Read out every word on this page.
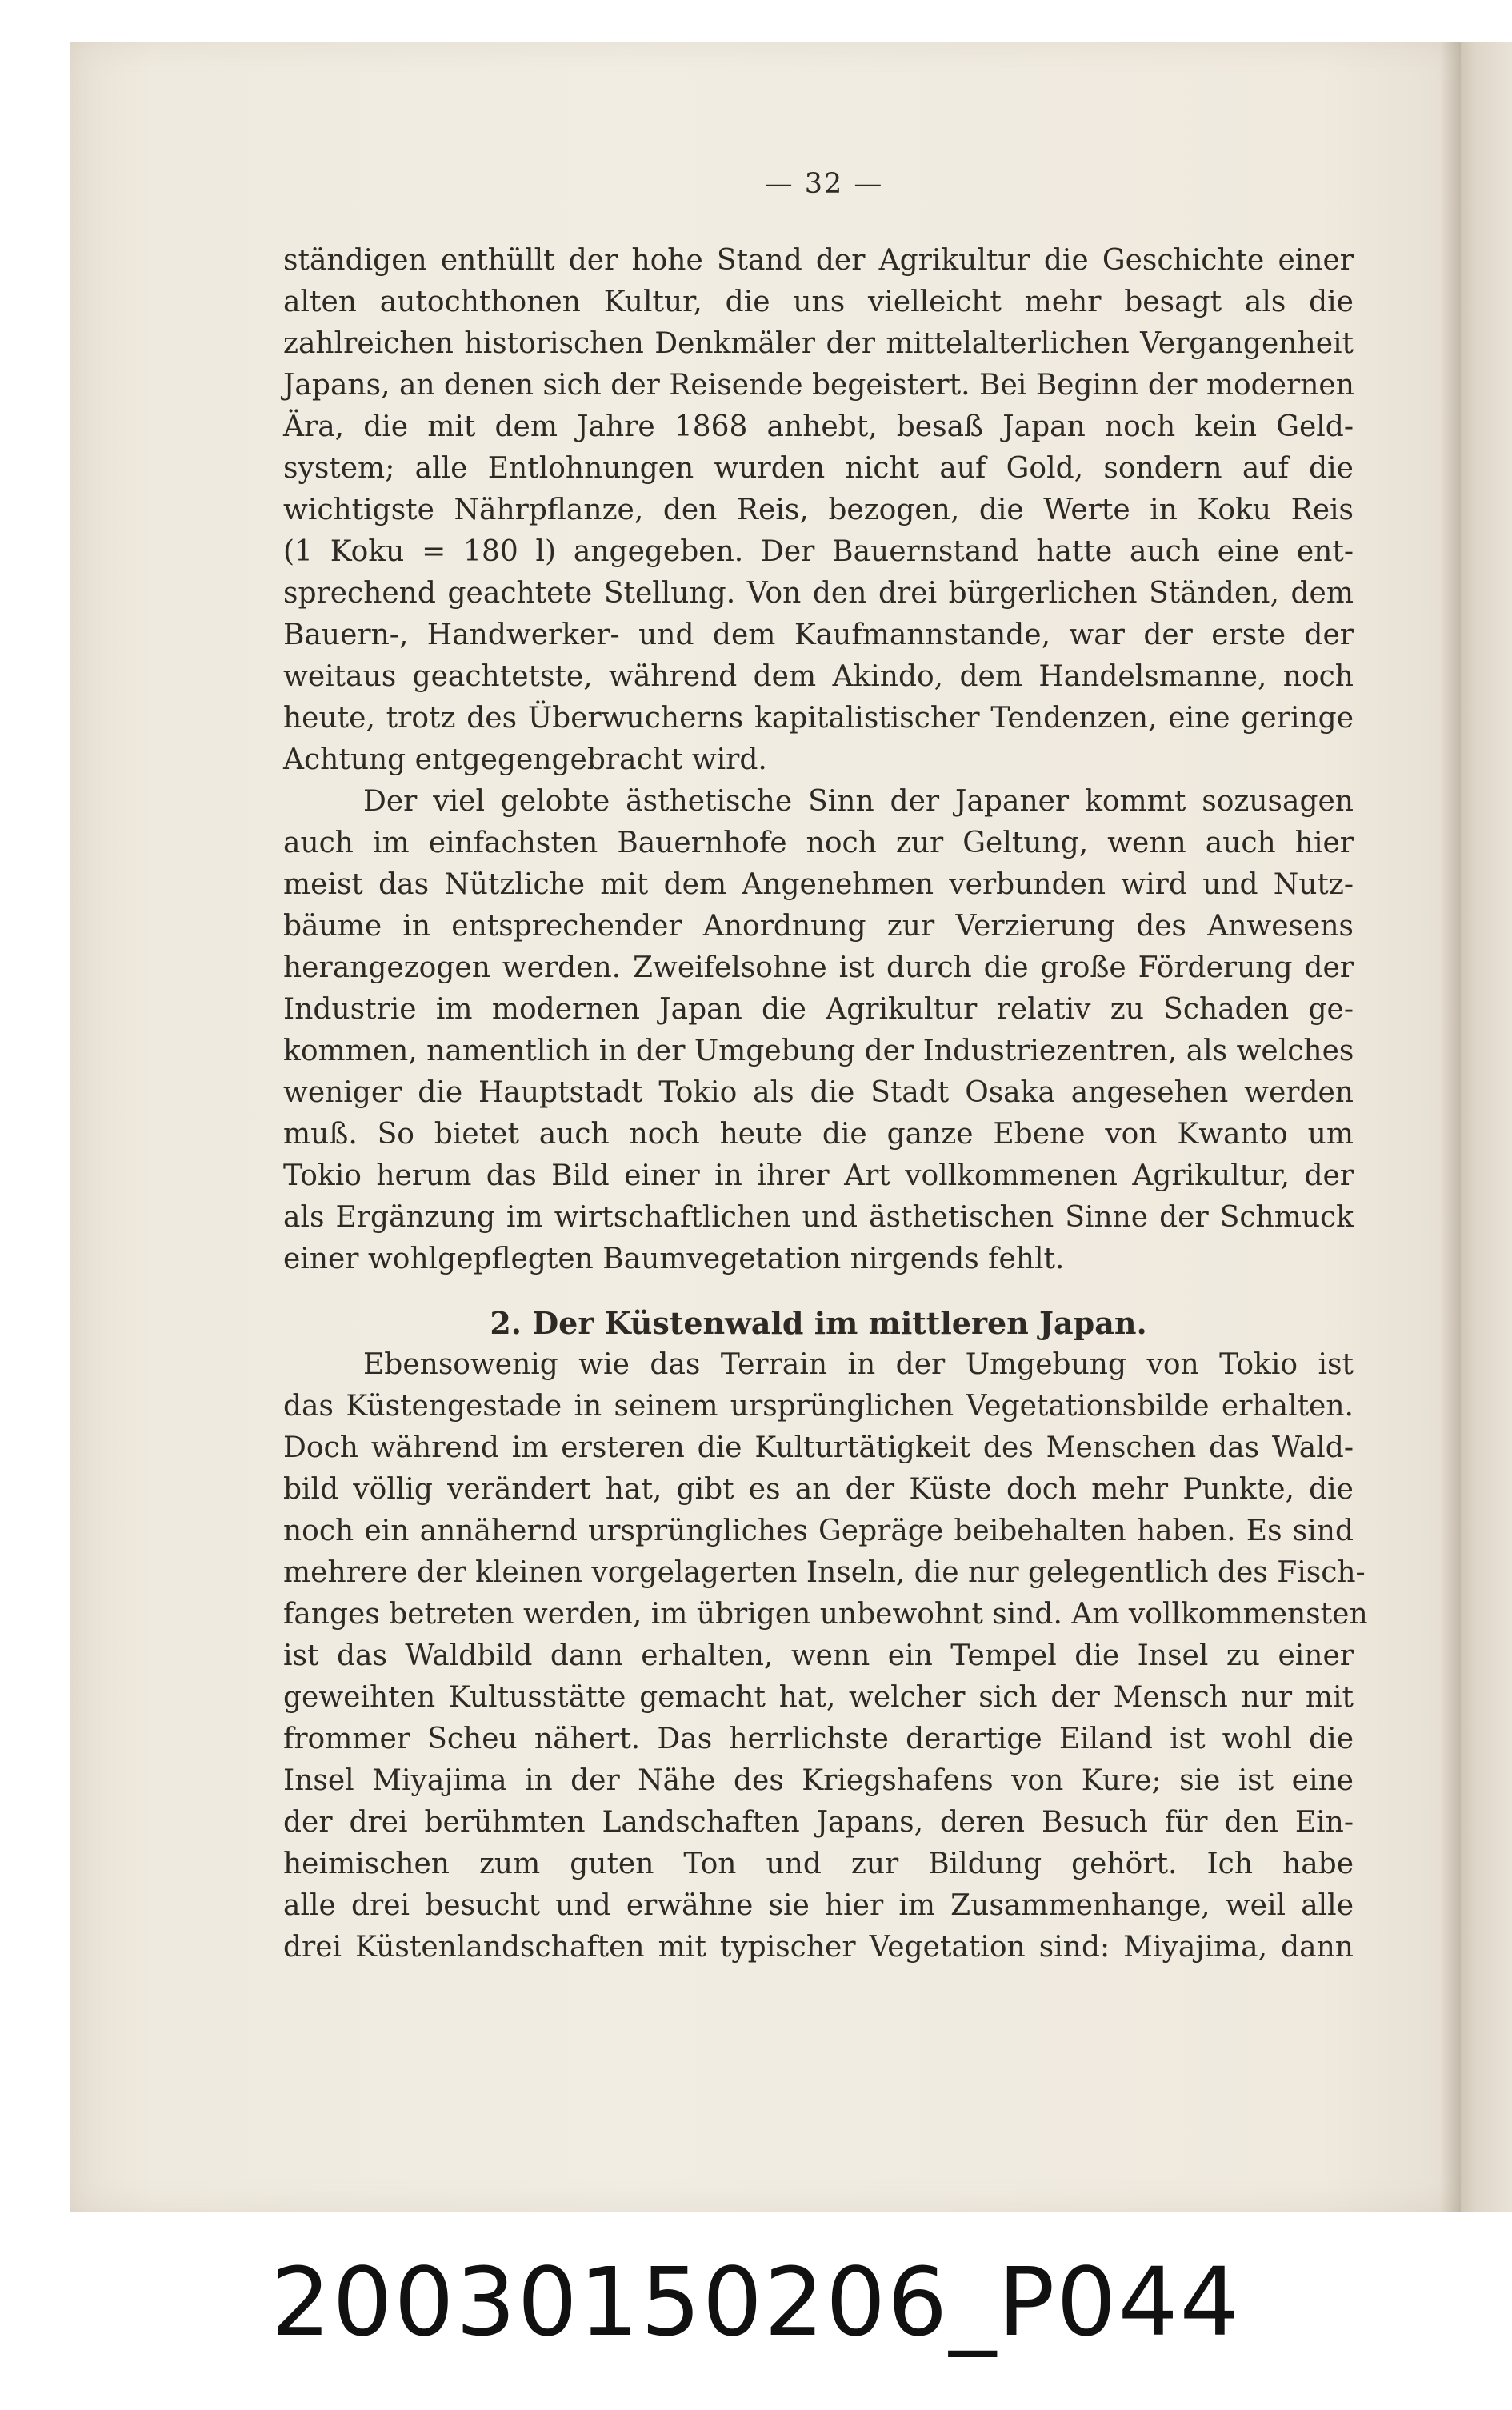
— 32 —
ständigen enthüllt der hohe Stand der Agrikultur die Geschichte einer
alten autochthonen Kultur, die uns vielleicht mehr besagt als die
zahlreichen historischen Denkmäler der mittelalterlichen Vergangenheit
Japans, an denen sich der Reisende begeistert. Bei Beginn der modernen
Ära, die mit dem Jahre 1868 anhebt, besaß Japan noch kein Geld-
system; alle Entlohnungen wurden nicht auf Gold, sondern auf die
wichtigste Nährpflanze, den Reis, bezogen, die Werte in Koku Reis
(1 Koku = 180 l) angegeben. Der Bauernstand hatte auch eine ent-
sprechend geachtete Stellung. Von den drei bürgerlichen Ständen, dem
Bauern-, Handwerker- und dem Kaufmannstande, war der erste der
weitaus geachtetste, während dem Akindo, dem Handelsmanne, noch
heute, trotz des Überwucherns kapitalistischer Tendenzen, eine geringe
Achtung entgegengebracht wird.
Der viel gelobte ästhetische Sinn der Japaner kommt sozusagen
auch im einfachsten Bauernhofe noch zur Geltung, wenn auch hier
meist das Nützliche mit dem Angenehmen verbunden wird und Nutz-
bäume in entsprechender Anordnung zur Verzierung des Anwesens
herangezogen werden. Zweifelsohne ist durch die große Förderung der
Industrie im modernen Japan die Agrikultur relativ zu Schaden ge-
kommen, namentlich in der Umgebung der Industriezentren, als welches
weniger die Hauptstadt Tokio als die Stadt Osaka angesehen werden
muß. So bietet auch noch heute die ganze Ebene von Kwanto um
Tokio herum das Bild einer in ihrer Art vollkommenen Agrikultur, der
als Ergänzung im wirtschaftlichen und ästhetischen Sinne der Schmuck
einer wohlgepflegten Baumvegetation nirgends fehlt.
2. Der Küstenwald im mittleren Japan.
Ebensowenig wie das Terrain in der Umgebung von Tokio ist
das Küstengestade in seinem ursprünglichen Vegetationsbilde erhalten.
Doch während im ersteren die Kulturtätigkeit des Menschen das Wald-
bild völlig verändert hat, gibt es an der Küste doch mehr Punkte, die
noch ein annähernd ursprüngliches Gepräge beibehalten haben. Es sind
mehrere der kleinen vorgelagerten Inseln, die nur gelegentlich des Fisch-
fanges betreten werden, im übrigen unbewohnt sind. Am vollkommensten
ist das Waldbild dann erhalten, wenn ein Tempel die Insel zu einer
geweihten Kultusstätte gemacht hat, welcher sich der Mensch nur mit
frommer Scheu nähert. Das herrlichste derartige Eiland ist wohl die
Insel Miyajima in der Nähe des Kriegshafens von Kure; sie ist eine
der drei berühmten Landschaften Japans, deren Besuch für den Ein-
heimischen zum guten Ton und zur Bildung gehört. Ich habe
alle drei besucht und erwähne sie hier im Zusammenhange, weil alle
drei Küstenlandschaften mit typischer Vegetation sind: Miyajima, dann
20030150206_P044
